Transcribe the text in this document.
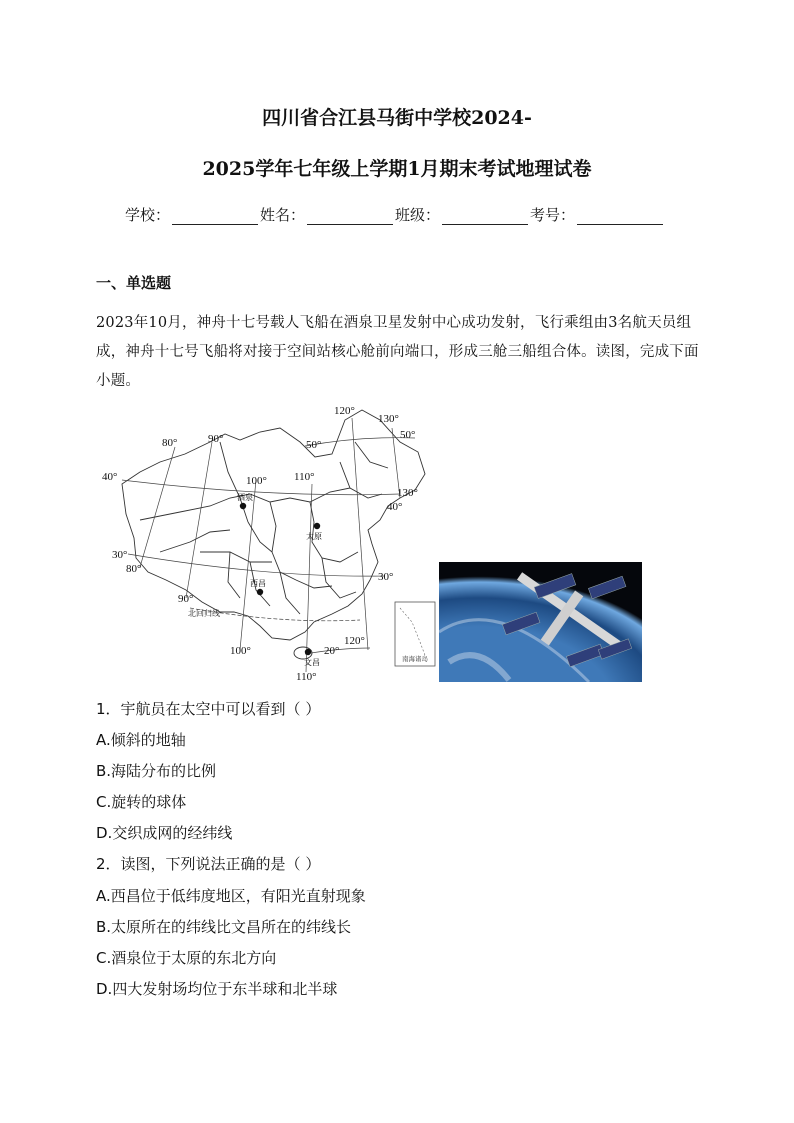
四川省合江县马街中学校2024-
2025学年七年级上学期1月期末考试地理试卷
学校：	姓名：	班级：	考号：
一、单选题
2023年10月，神舟十七号载人飞船在酒泉卫星发射中心成功发射，飞行乘组由3名航天员组成，神舟十七号飞船将对接于空间站核心舱前向端口，形成三舱三船组合体。读图，完成下面小题。
南海诸岛
酒泉
太原
西昌
文昌
80°	90°
100° 110°
120°
130°
80°
90°
100°
110°
120°
130°
40°
30°
50°
50°
40°
30°
20°
北回归线
1．宇航员在太空中可以看到（ ）
A.倾斜的地轴
B.海陆分布的比例
C.旋转的球体
D.交织成网的经纬线
2．读图，下列说法正确的是（ ）
A.西昌位于低纬度地区，有阳光直射现象
B.太原所在的纬线比文昌所在的纬线长
C.酒泉位于太原的东北方向
D.四大发射场均位于东半球和北半球
